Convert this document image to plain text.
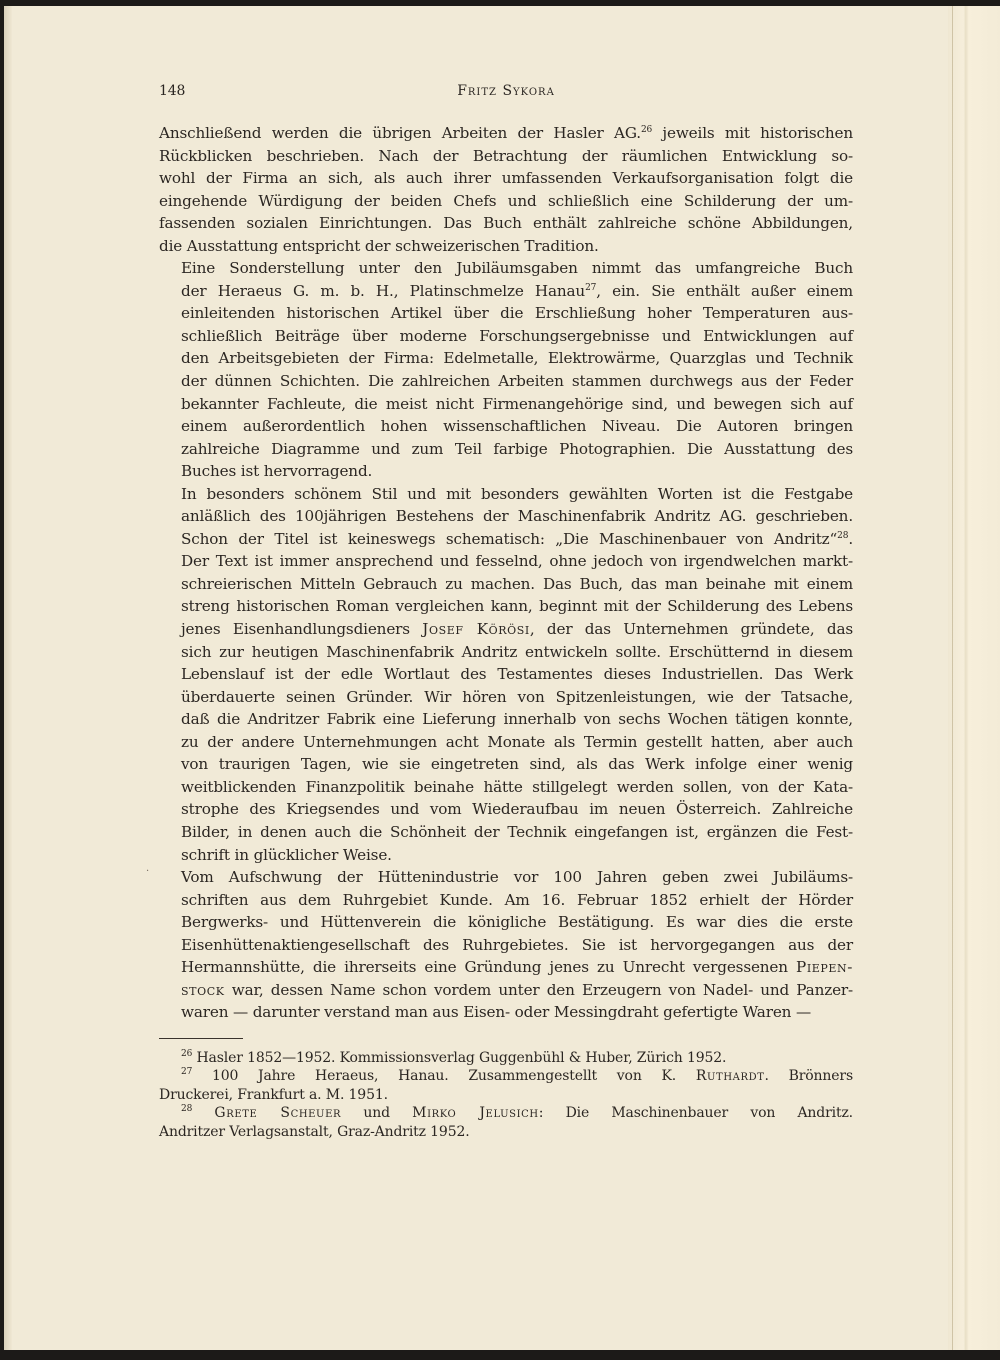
148	Fritz Sykora

Anschließend werden die übrigen Arbeiten der Hasler AG.$^{26}$ jeweils mit historischen
Rückblicken beschrieben. Nach der Betrachtung der räumlichen Entwicklung so-
wohl der Firma an sich, als auch ihrer umfassenden Verkaufsorganisation folgt die
eingehende Würdigung der beiden Chefs und schließlich eine Schilderung der um-
fassenden sozialen Einrichtungen. Das Buch enthält zahlreiche schöne Abbildungen,
die Ausstattung entspricht der schweizerischen Tradition.

Eine Sonderstellung unter den Jubiläumsgaben nimmt das umfangreiche Buch
der Heraeus G. m. b. H., Platinschmelze Hanau$^{27}$, ein. Sie enthält außer einem
einleitenden historischen Artikel über die Erschließung hoher Temperaturen aus-
schließlich Beiträge über moderne Forschungsergebnisse und Entwicklungen auf
den Arbeitsgebieten der Firma: Edelmetalle, Elektrowärme, Quarzglas und Technik
der dünnen Schichten. Die zahlreichen Arbeiten stammen durchwegs aus der Feder
bekannter Fachleute, die meist nicht Firmenangehörige sind, und bewegen sich auf
einem außerordentlich hohen wissenschaftlichen Niveau. Die Autoren bringen
zahlreiche Diagramme und zum Teil farbige Photographien. Die Ausstattung des
Buches ist hervorragend.

In besonders schönem Stil und mit besonders gewählten Worten ist die Festgabe
anläßlich des 100jährigen Bestehens der Maschinenfabrik Andritz AG. geschrieben.
Schon der Titel ist keineswegs schematisch: „Die Maschinenbauer von Andritz“$^{28}$.
Der Text ist immer ansprechend und fesselnd, ohne jedoch von irgendwelchen markt-
schreierischen Mitteln Gebrauch zu machen. Das Buch, das man beinahe mit einem
streng historischen Roman vergleichen kann, beginnt mit der Schilderung des Lebens
jenes Eisenhandlungsdieners Josef Körösi, der das Unternehmen gründete, das
sich zur heutigen Maschinenfabrik Andritz entwickeln sollte. Erschütternd in diesem
Lebenslauf ist der edle Wortlaut des Testamentes dieses Industriellen. Das Werk
überdauerte seinen Gründer. Wir hören von Spitzenleistungen, wie der Tatsache,
daß die Andritzer Fabrik eine Lieferung innerhalb von sechs Wochen tätigen konnte,
zu der andere Unternehmungen acht Monate als Termin gestellt hatten, aber auch
von traurigen Tagen, wie sie eingetreten sind, als das Werk infolge einer wenig
weitblickenden Finanzpolitik beinahe hätte stillgelegt werden sollen, von der Kata-
strophe des Kriegsendes und vom Wiederaufbau im neuen Österreich. Zahlreiche
Bilder, in denen auch die Schönheit der Technik eingefangen ist, ergänzen die Fest-
schrift in glücklicher Weise.

Vom Aufschwung der Hüttenindustrie vor 100 Jahren geben zwei Jubiläums-
schriften aus dem Ruhrgebiet Kunde. Am 16. Februar 1852 erhielt der Hörder
Bergwerks- und Hüttenverein die königliche Bestätigung. Es war dies die erste
Eisenhüttenaktiengesellschaft des Ruhrgebietes. Sie ist hervorgegangen aus der
Hermannshütte, die ihrerseits eine Gründung jenes zu Unrecht vergessenen Piepen-
stock war, dessen Name schon vordem unter den Erzeugern von Nadel- und Panzer-
waren — darunter verstand man aus Eisen- oder Messingdraht gefertigte Waren —

$^{26}$ Hasler 1852—1952. Kommissionsverlag Guggenbühl & Huber, Zürich 1952.
$^{27}$ 100 Jahre Heraeus, Hanau. Zusammengestellt von K. Ruthardt. Brönners
Druckerei, Frankfurt a. M. 1951.
$^{28}$ Grete Scheuer und Mirko Jelusich: Die Maschinenbauer von Andritz.
Andritzer Verlagsanstalt, Graz-Andritz 1952.
·
